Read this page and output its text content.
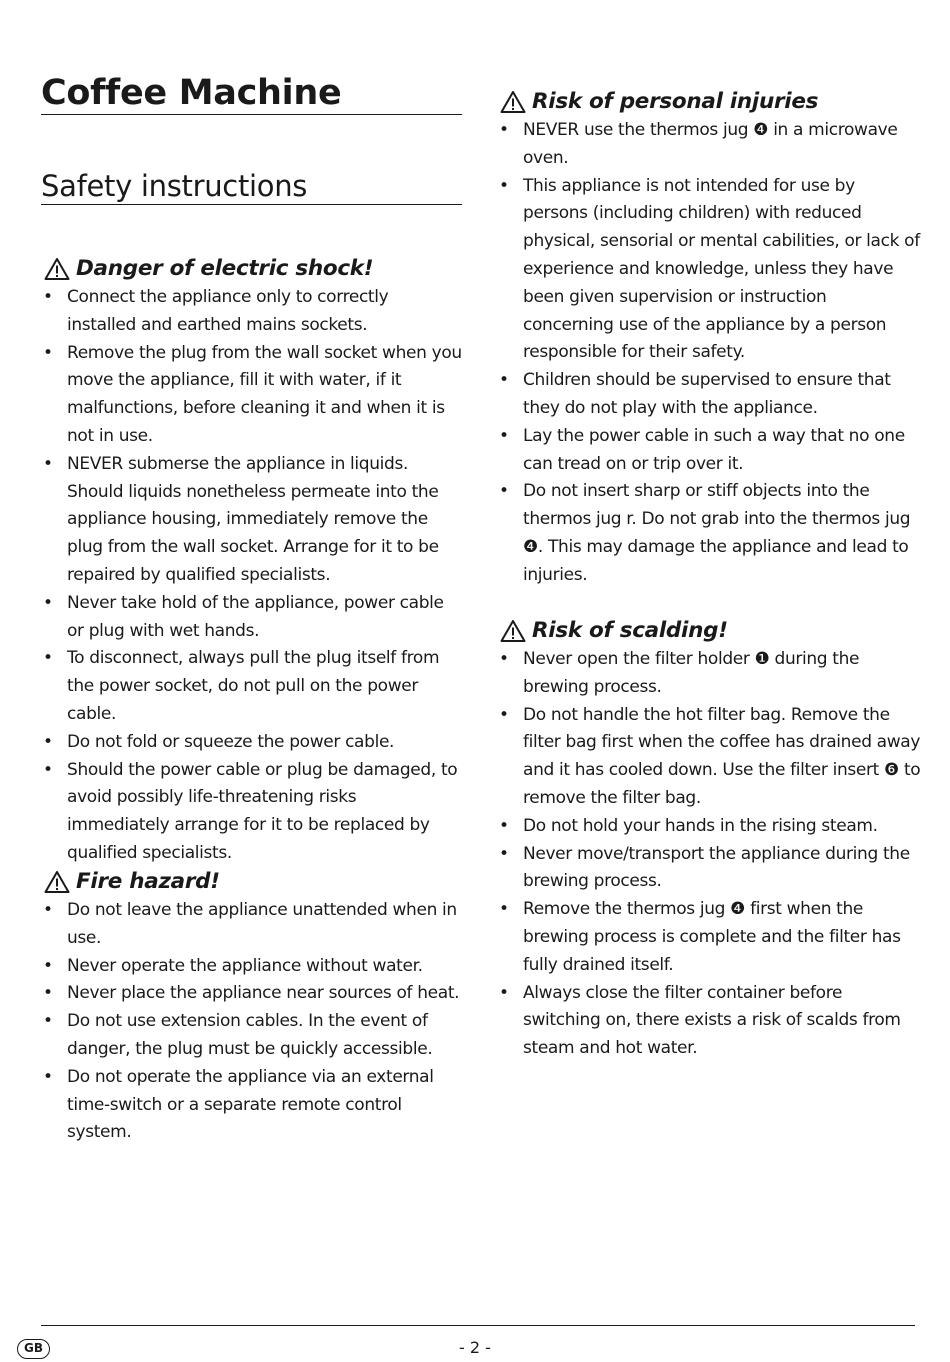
Coffee Machine
Safety instructions
Danger of electric shock!
• Connect the appliance only to correctly installed and earthed mains sockets.
• Remove the plug from the wall socket when you move the appliance, fill it with water, if it malfunctions, before cleaning it and when it is not in use.
• NEVER submerse the appliance in liquids. Should liquids nonetheless permeate into the appliance housing, immediately remove the plug from the wall socket. Arrange for it to be repaired by qualified specialists.
• Never take hold of the appliance, power cable or plug with wet hands.
• To disconnect, always pull the plug itself from the power socket, do not pull on the power cable.
• Do not fold or squeeze the power cable.
• Should the power cable or plug be damaged, to avoid possibly life-threatening risks immediately arrange for it to be replaced by qualified specialists.
Fire hazard!
• Do not leave the appliance unattended when in use.
• Never operate the appliance without water.
• Never place the appliance near sources of heat.
• Do not use extension cables. In the event of danger, the plug must be quickly accessible.
• Do not operate the appliance via an external time-switch or a separate remote control system.
Risk of personal injuries
• NEVER use the thermos jug ❹ in a microwave oven.
• This appliance is not intended for use by persons (including children) with reduced physical, sensorial or mental cabilities, or lack of experience and knowledge, unless they have been given supervision or instruction concerning use of the appliance by a person responsible for their safety.
• Children should be supervised to ensure that they do not play with the appliance.
• Lay the power cable in such a way that no one can tread on or trip over it.
• Do not insert sharp or stiff objects into the thermos jug r. Do not grab into the thermos jug ❹. This may damage the appliance and lead to injuries.
Risk of scalding!
• Never open the filter holder ❶ during the brewing process.
• Do not handle the hot filter bag. Remove the filter bag first when the coffee has drained away and it has cooled down. Use the filter insert ❻ to remove the filter bag.
• Do not hold your hands in the rising steam.
• Never move/transport the appliance during the brewing process.
• Remove the thermos jug ❹ first when the brewing process is complete and the filter has fully drained itself.
• Always close the filter container before switching on, there exists a risk of scalds from steam and hot water.
GB	- 2 -
